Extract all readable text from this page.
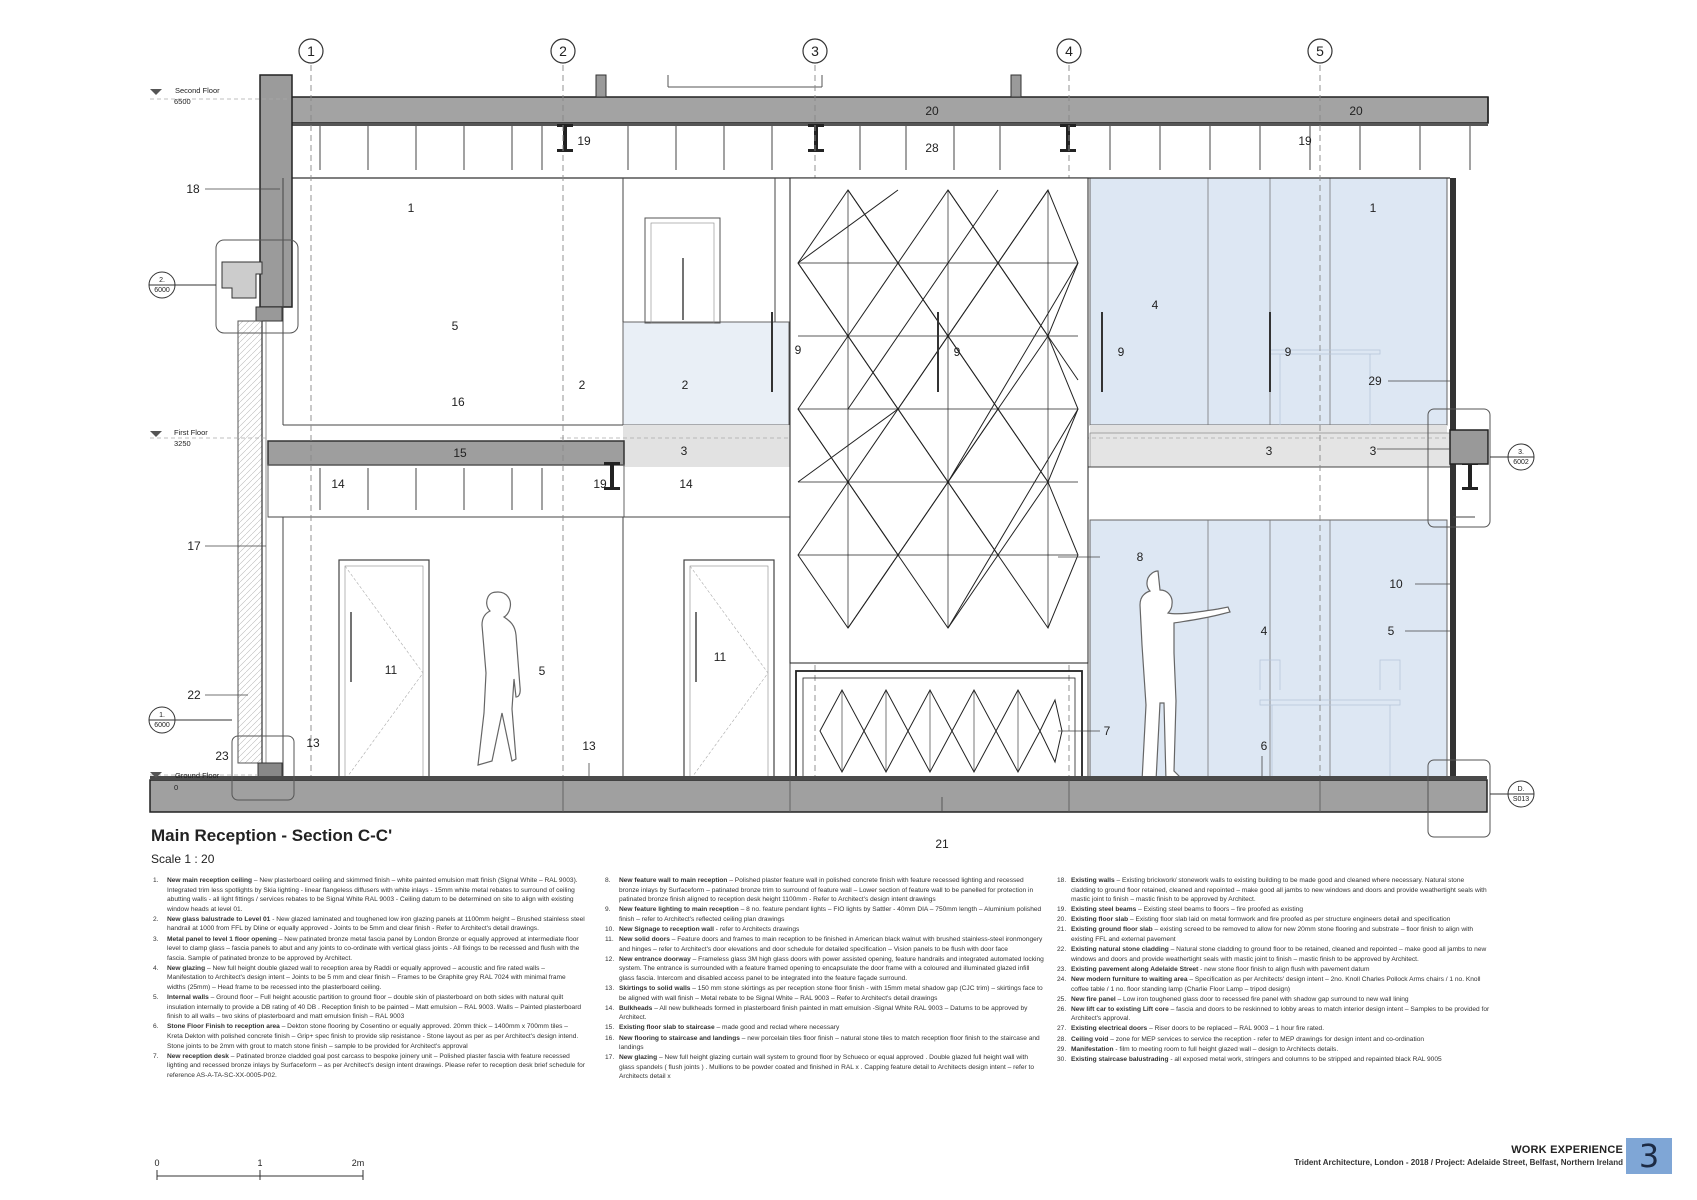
1	2	3	4	5
Second Floor
6500
First Floor
3250
Ground Floor
0
2.
6000
1.
6000
3.
6002
D.
S013
20	20
19	28	19
18
1	1
5
16
2	2
9	9	9	9
4
29
15	3	3	3
14	19	14
17
8
10
11	5
11
4	5
22
7
23
13	13	6
21
0	1	2m
Main Reception - Section C-C'
Scale 1 : 20
1.	New main reception ceiling – New plasterboard ceiling and skimmed finish – white painted emulsion matt finish (Signal White – RAL 9003). Integrated trim less spotlights by Skia lighting - linear flangeless diffusers with white inlays - 15mm white metal rebates to surround of ceiling abutting walls - all light fittings / services rebates to be Signal White RAL 9003 - Ceiling datum to be determined on site to align with existing window heads at level 01.
2.	New glass balustrade to Level 01 - New glazed laminated and toughened low iron glazing panels at 1100mm height – Brushed stainless steel handrail at 1000 from FFL by Dline or equally approved - Joints to be 5mm and clear finish - Refer to Architect's detail drawings.
3.	Metal panel to level 1 floor opening – New patinated bronze metal fascia panel by London Bronze or equally approved at intermediate floor level to clamp glass – fascia panels to abut and any joints to co-ordinate with vertical glass joints - All fixings to be recessed and flush with the fascia. Sample of patinated bronze to be approved by Architect.
4.	New glazing – New full height double glazed wall to reception area by Raddi or equally approved – acoustic and fire rated walls – Manifestation to Architect's design intent – Joints to be 5 mm and clear finish – Frames to be Graphite grey RAL 7024 with minimal frame widths (25mm) – Head frame to be recessed into the plasterboard ceiling.
5.	Internal walls – Ground floor – Full height acoustic partition to ground floor – double skin of plasterboard on both sides with natural quilt insulation internally to provide a DB rating of 40 DB . Reception finish to be painted – Matt emulsion – RAL 9003. Walls – Painted plasterboard finish to all walls – two skins of plasterboard and matt emulsion finish – RAL 9003
6.	Stone Floor Finish to reception area – Dekton stone flooring by Cosentino or equally approved. 20mm thick – 1400mm x 700mm tiles – Kreta Dekton with polished concrete finish – Grip+ spec finish to provide slip resistance - Stone layout as per as per Architect's design intend. Stone joints to be 2mm with grout to match stone finish – sample to be provided for Architect's approval
7.	New reception desk – Patinated bronze cladded goal post carcass to bespoke joinery unit – Polished plaster fascia with feature recessed lighting and recessed bronze inlays by Surfaceform – as per Architect's design intent drawings. Please refer to reception desk brief schedule for reference AS-A-TA-SC-XX-0005-P02.
8.	New feature wall to main reception – Polished plaster feature wall in polished concrete finish with feature recessed lighting and recessed bronze inlays by Surfaceform – patinated bronze trim to surround of feature wall – Lower section of feature wall to be panelled for protection in patinated bronze finish aligned to reception desk height 1100mm - Refer to Architect's design intent drawings
9.	New feature lighting to main reception – 8 no. feature pendant lights – FIO lights by Sattler - 40mm DIA – 750mm length – Aluminium polished finish – refer to Architect's reflected ceiling plan drawings
10. New Signage to reception wall - refer to Architects drawings
11. New solid doors – Feature doors and frames to main reception to be finished in American black walnut with brushed stainless-steel ironmongery and hinges – refer to Architect's door elevations and door schedule for detailed specification – Vision panels to be flush with door face
12. New entrance doorway – Frameless glass 3M high glass doors with power assisted opening, feature handrails and integrated automated locking system. The entrance is surrounded with a feature framed opening to encapsulate the door frame with a coloured and illuminated glazed infill glass fascia. Intercom and disabled access panel to be integrated into the feature façade surround.
13. Skirtings to solid walls – 150 mm stone skirtings as per reception stone floor finish - with 15mm metal shadow gap (CJC trim) – skirtings face to be aligned with wall finish – Metal rebate to be Signal White – RAL 9003 – Refer to Architect's detail drawings
14. Bulkheads – All new bulkheads formed in plasterboard finish painted in matt emulsion -Signal White RAL 9003 – Datums to be approved by Architect.
15. Existing floor slab to staircase – made good and reclad where necessary
16. New flooring to staircase and landings – new porcelain tiles floor finish – natural stone tiles to match reception floor finish to the staircase and landings
17. New glazing – New full height glazing curtain wall system to ground floor by Schueco or equal approved . Double glazed full height wall with glass spandels ( flush joints ) . Mullions to be powder coated and finished in RAL x . Capping feature detail to Architects design intent – refer to Architects detail x
18. Existing walls – Existing brickwork/ stonework walls to existing building to be made good and cleaned where necessary. Natural stone cladding to ground floor retained, cleaned and repointed – make good all jambs to new windows and doors and provide weathertight seals with mastic joint to finish – mastic finish to be approved by Architect.
19. Existing steel beams – Existing steel beams to floors – fire proofed as existing
20. Existing floor slab – Existing floor slab laid on metal formwork and fire proofed as per structure engineers detail and specification
21. Existing ground floor slab – existing screed to be removed to allow for new 20mm stone flooring and substrate – floor finish to align with existing FFL and external pavement
22. Existing natural stone cladding – Natural stone cladding to ground floor to be retained, cleaned and repointed – make good all jambs to new windows and doors and provide weathertight seals with mastic joint to finish – mastic finish to be approved by Architect.
23. Existing pavement along Adelaide Street - new stone floor finish to align flush with pavement datum
24. New modern furniture to waiting area – Specification as per Architects' design intent – 2no. Knoll Charles Pollock Arms chairs / 1 no. Knoll coffee table / 1 no. floor standing lamp (Charlie Floor Lamp – tripod design)
25. New fire panel – Low iron toughened glass door to recessed fire panel with shadow gap surround to new wall lining
26. New lift car to existing Lift core – fascia and doors to be reskinned to lobby areas to match interior design intent – Samples to be provided for Architect's approval.
27. Existing electrical doors – Riser doors to be replaced – RAL 9003 – 1 hour fire rated.
28. Ceiling void – zone for MEP services to service the reception - refer to MEP drawings for design intent and co-ordination
29. Manifestation - film to meeting room to full height glazed wall – design to Architects details.
30. Existing staircase balustrading - all exposed metal work, stringers and columns to be stripped and repainted black RAL 9005
WORK EXPERIENCE
Trident Architecture, London - 2018 / Project: Adelaide Street, Belfast, Northern Ireland 3
